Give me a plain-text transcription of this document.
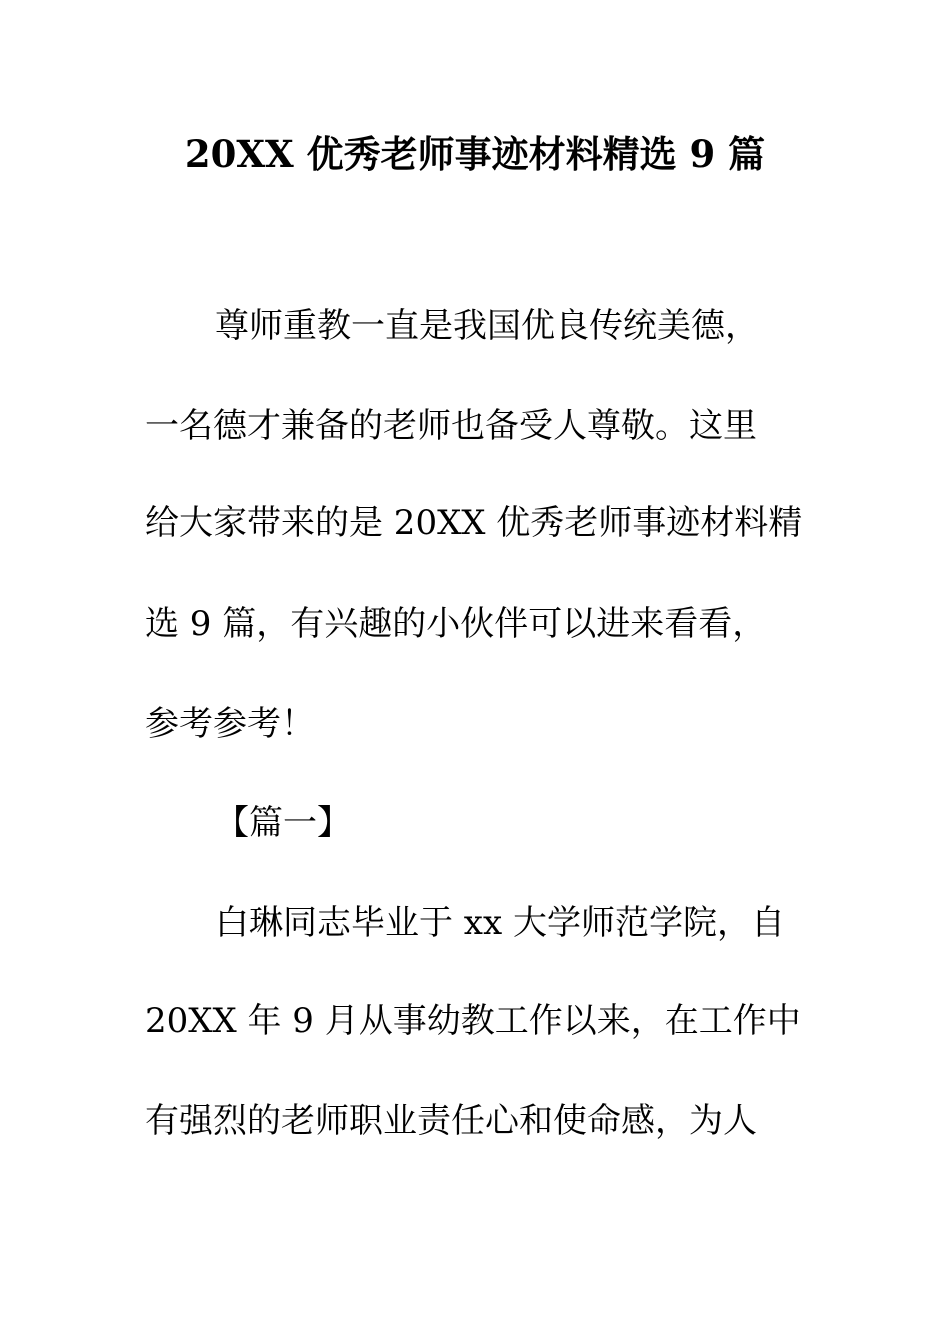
20XX 优秀老师事迹材料精选 9 篇
尊师重教一直是我国优良传统美德，
一名德才兼备的老师也备受人尊敬。这里
给大家带来的是 20XX 优秀老师事迹材料精
选 9 篇，有兴趣的小伙伴可以进来看看，
参考参考！
【篇一】
白琳同志毕业于 xx 大学师范学院，自
20XX 年 9 月从事幼教工作以来，在工作中
有强烈的老师职业责任心和使命感，为人
